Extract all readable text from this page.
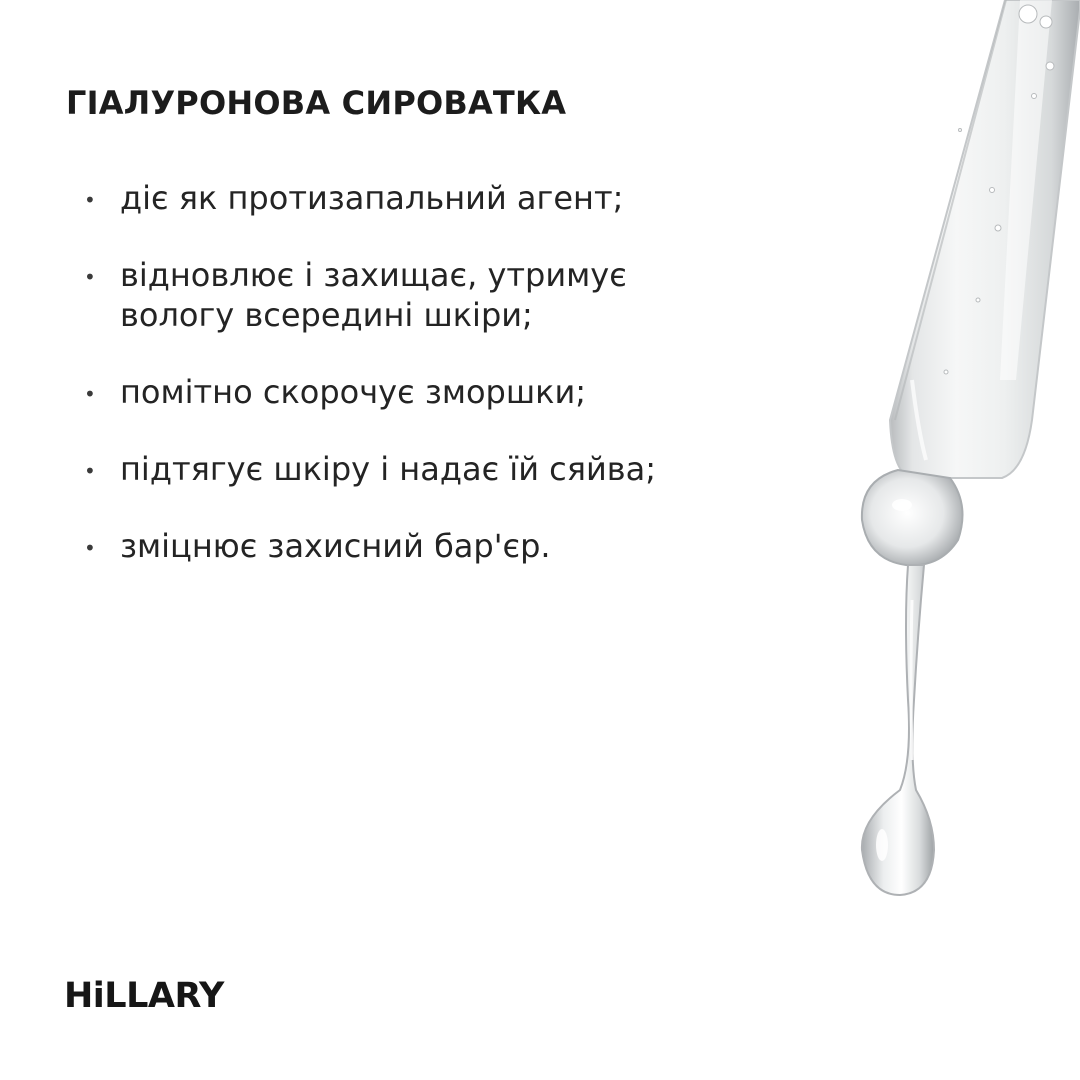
ГІАЛУРОНОВА СИРОВАТКА
• діє як протизапальний агент;
• відновлює і захищає, утримує
вологу всередині шкіри;
• помітно скорочує зморшки;
• підтягує шкіру і надає їй сяйва;
• зміцнює захисний бар'єр.
HiLLARY
